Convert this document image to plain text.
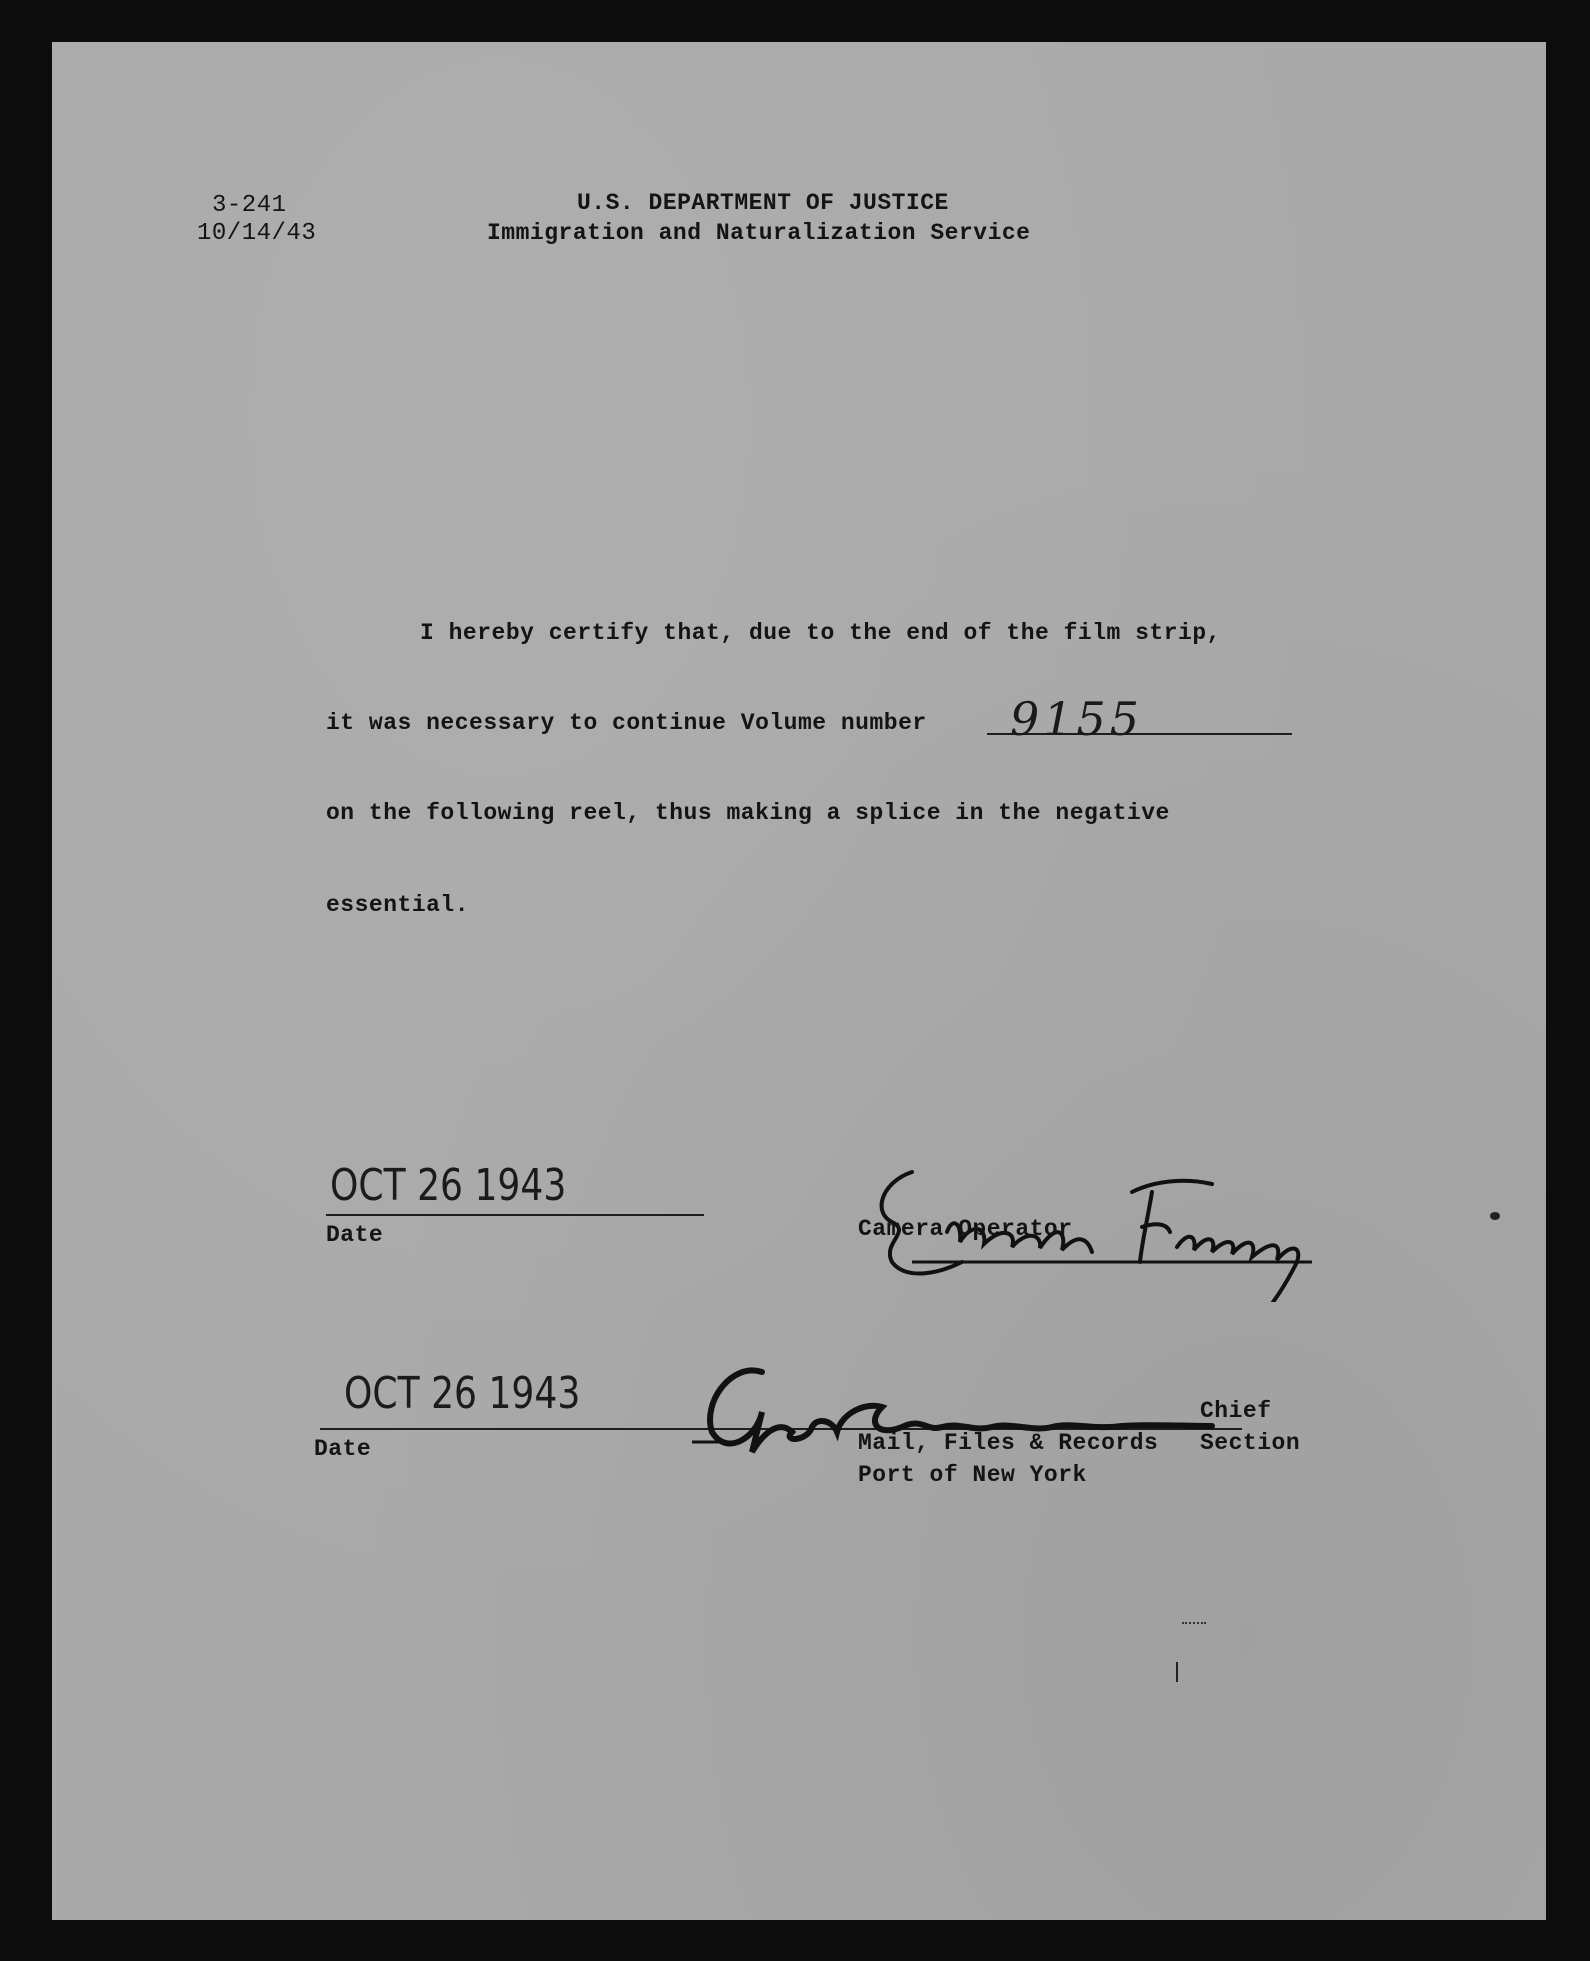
3-241
10/14/43
U.S. DEPARTMENT OF JUSTICE
Immigration and Naturalization Service
I hereby certify that, due to the end of the film strip,
it was necessary to continue Volume number 9155
on the following reel, thus making a splice in the negative
essential.
OCT 26 1943
Date	Camera Operator
OCT 26 1943
Date
Chief
Mail, Files & Records Section
Port of New York
